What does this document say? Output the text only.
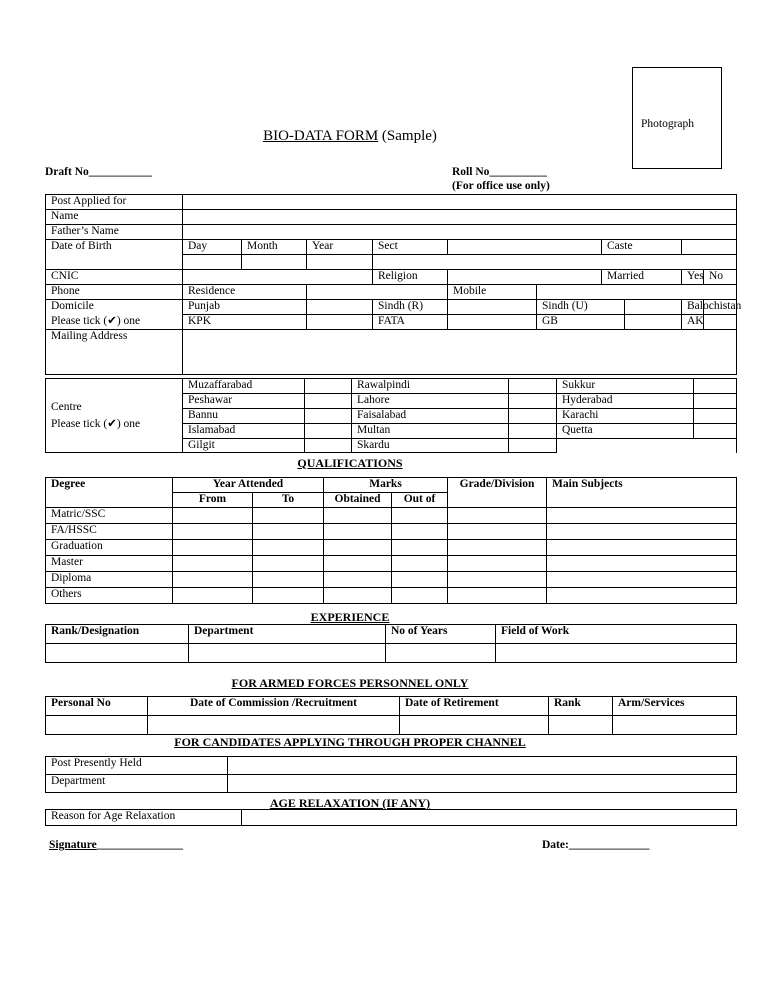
Photograph
BIO-DATA FORM (Sample)
Draft No___________	Roll No__________
(For office use only)
Post Applied for										
Name										
Father’s Name										
Date of Birth	Day	Month	Year	Sect			Caste			

CNIC				Religion			Married		Yes	No
Phone	Residence				Mobile					
Domicile	Punjab			Sindh (R)		Sindh (U)			Balochistan	
Please tick (✔) one	KPK			FATA		GB			AK	
Mailing Address										
Centre
Please tick (✔) one	Muzaffarabad		Rawalpindi		Sukkur	
	Peshawar		Lahore		Hyderabad	
	Bannu		Faisalabad		Karachi	
	Islamabad		Multan		Quetta	
	Gilgit		Skardu			
QUALIFICATIONS
Degree	Year Attended		Marks		Grade/Division	Main Subjects
	From	To	Obtained	Out of		
Matric/SSC						
FA/HSSC						
Graduation						
Master						
Diploma						
Others						
EXPERIENCE
Rank/Designation	Department	No of Years	Field of Work

FOR ARMED FORCES PERSONNEL ONLY
Personal No	Date of Commission /Recruitment	Date of Retirement	Rank	Arm/Services

FOR CANDIDATES APPLYING THROUGH PROPER CHANNEL
Post Presently Held	
Department	
AGE RELAXATION (IF ANY)
Reason for Age Relaxation	
Signature_______________	Date:______________
